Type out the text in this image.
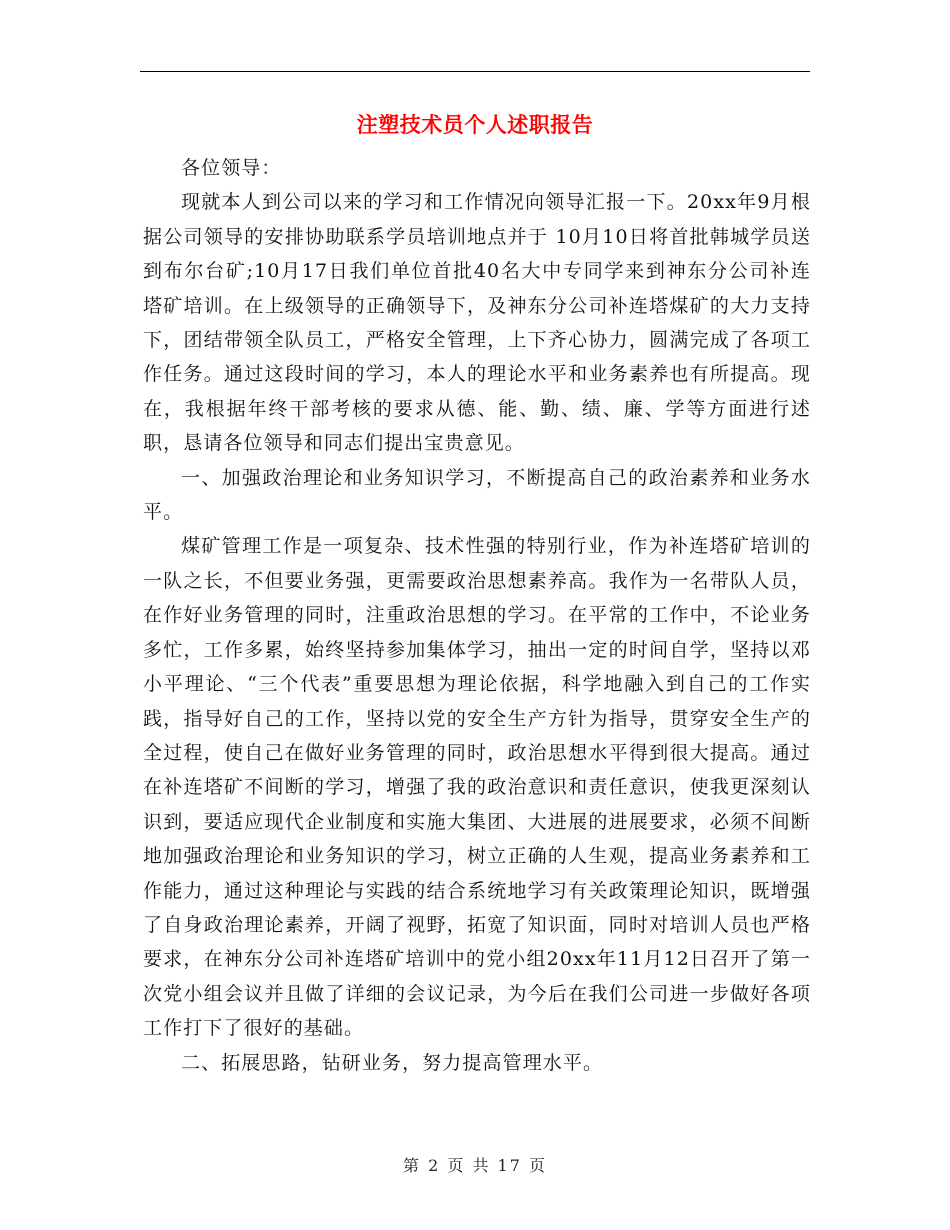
注塑技术员个人述职报告

各位领导：

现就本人到公司以来的学习和工作情况向领导汇报一下。20xx年9月根据公司领导的安排协助联系学员培训地点并于 10月10日将首批韩城学员送到布尔台矿;10月17日我们单位首批40名大中专同学来到神东分公司补连塔矿培训。在上级领导的正确领导下，及神东分公司补连塔煤矿的大力支持下，团结带领全队员工，严格安全管理，上下齐心协力，圆满完成了各项工作任务。通过这段时间的学习，本人的理论水平和业务素养也有所提高。现在，我根据年终干部考核的要求从德、能、勤、绩、廉、学等方面进行述职，恳请各位领导和同志们提出宝贵意见。

一、加强政治理论和业务知识学习，不断提高自己的政治素养和业务水平。

煤矿管理工作是一项复杂、技术性强的特别行业，作为补连塔矿培训的一队之长，不但要业务强，更需要政治思想素养高。我作为一名带队人员，在作好业务管理的同时，注重政治思想的学习。在平常的工作中，不论业务多忙，工作多累，始终坚持参加集体学习，抽出一定的时间自学，坚持以邓小平理论、“三个代表”重要思想为理论依据，科学地融入到自己的工作实践，指导好自己的工作，坚持以党的安全生产方针为指导，贯穿安全生产的全过程，使自己在做好业务管理的同时，政治思想水平得到很大提高。通过在补连塔矿不间断的学习，增强了我的政治意识和责任意识，使我更深刻认识到，要适应现代企业制度和实施大集团、大进展的进展要求，必须不间断地加强政治理论和业务知识的学习，树立正确的人生观，提高业务素养和工作能力，通过这种理论与实践的结合系统地学习有关政策理论知识，既增强了自身政治理论素养，开阔了视野，拓宽了知识面，同时对培训人员也严格要求，在神东分公司补连塔矿培训中的党小组20xx年11月12日召开了第一次党小组会议并且做了详细的会议记录，为今后在我们公司进一步做好各项工作打下了很好的基础。

二、拓展思路，钻研业务，努力提高管理水平。

第 2 页 共 17 页
